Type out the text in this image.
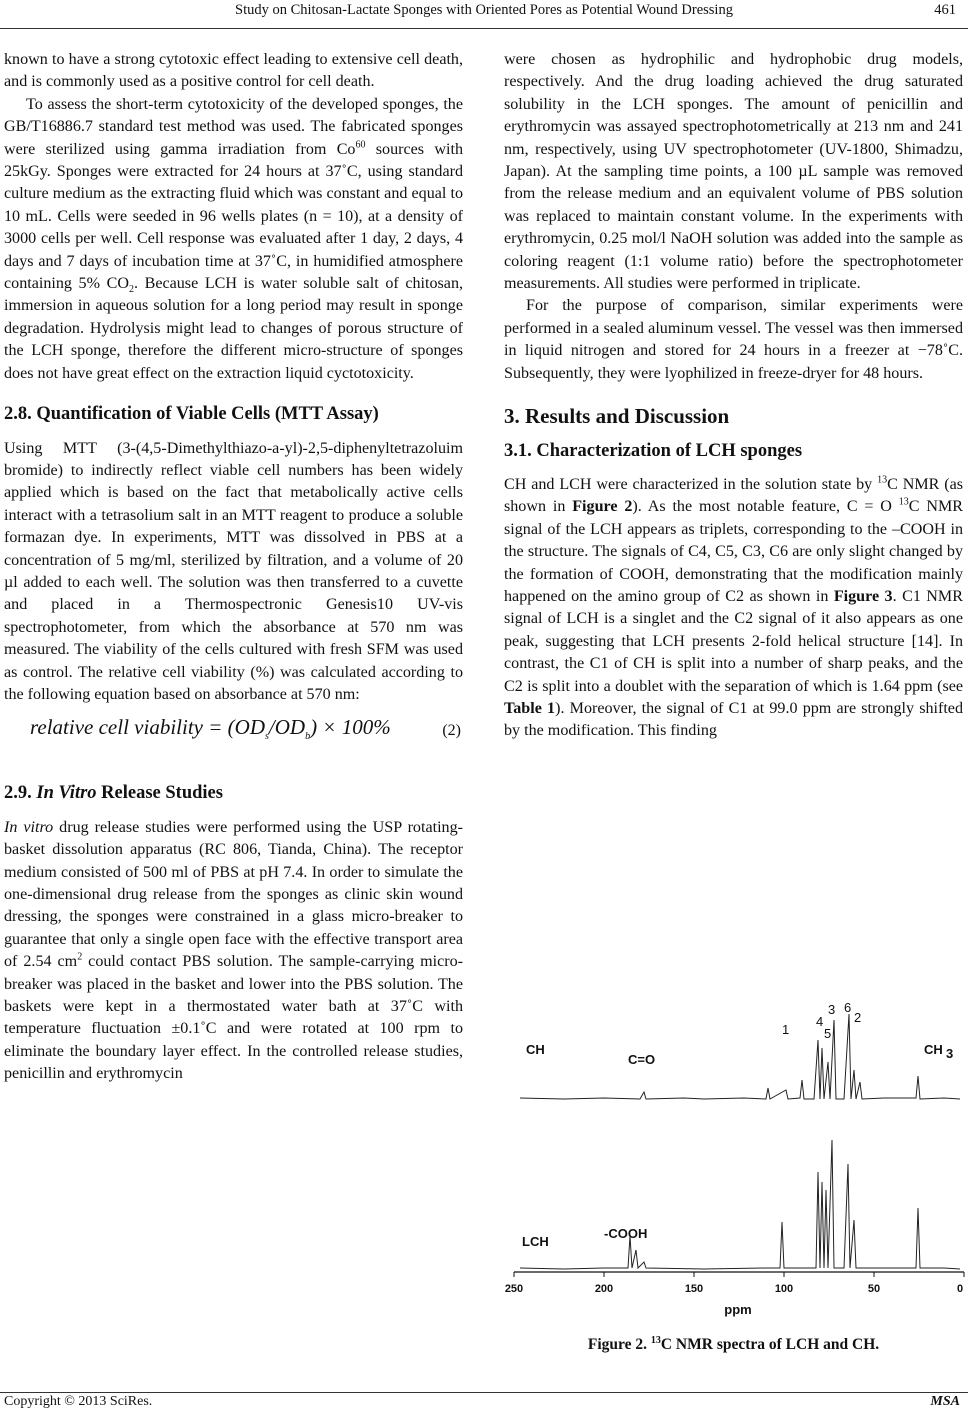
Study on Chitosan-Lactate Sponges with Oriented Pores as Potential Wound Dressing	461

known to have a strong cytotoxic effect leading to extensive cell death, and is commonly used as a positive control for cell death.

To assess the short-term cytotoxicity of the developed sponges, the GB/T16886.7 standard test method was used. The fabricated sponges were sterilized using gamma irradiation from Co$^{60}$ sources with 25kGy. Sponges were extracted for 24 hours at 37˚C, using standard culture medium as the extracting fluid which was constant and equal to 10 mL. Cells were seeded in 96 wells plates (n = 10), at a density of 3000 cells per well. Cell response was evaluated after 1 day, 2 days, 4 days and 7 days of incubation time at 37˚C, in humidified atmosphere containing 5% $CO_2$. Because LCH is water soluble salt of chitosan, immersion in aqueous solution for a long period may result in sponge degradation. Hydrolysis might lead to changes of porous structure of the LCH sponge, therefore the different micro-structure of sponges does not have great effect on the extraction liquid cyctotoxicity.

2.8. Quantification of Viable Cells (MTT Assay)

Using MTT (3-(4,5-Dimethylthiazo-a-yl)-2,5-diphenyltetrazoluim bromide) to indirectly reflect viable cell numbers has been widely applied which is based on the fact that metabolically active cells interact with a tetrasolium salt in an MTT reagent to produce a soluble formazan dye. In experiments, MTT was dissolved in PBS at a concentration of 5 mg/ml, sterilized by filtration, and a volume of 20 µl added to each well. The solution was then transferred to a cuvette and placed in a Thermospectronic Genesis10 UV-vis spectrophotometer, from which the absorbance at 570 nm was measured. The viability of the cells cultured with fresh SFM was used as control. The relative cell viability (%) was calculated according to the following equation based on absorbance at 570 nm:

relative cell viability = $(OD_s/OD_b) \times 100\%$	(2)
2.9. In Vitro Release Studies

In vitro drug release studies were performed using the USP rotating-basket dissolution apparatus (RC 806, Tianda, China). The receptor medium consisted of 500 ml of PBS at pH 7.4. In order to simulate the one-dimensional drug release from the sponges as clinic skin wound dressing, the sponges were constrained in a glass micro-breaker to guarantee that only a single open face with the effective transport area of 2.54 $cm^2$ could contact PBS solution. The sample-carrying micro-breaker was placed in the basket and lower into the PBS solution. The baskets were kept in a thermostated water bath at 37˚C with temperature fluctuation ±0.1˚C and were rotated at 100 rpm to eliminate the boundary layer effect. In the controlled release studies, penicillin and erythromycin

were chosen as hydrophilic and hydrophobic drug models, respectively. And the drug loading achieved the drug saturated solubility in the LCH sponges. The amount of penicillin and erythromycin was assayed spectrophotometrically at 213 nm and 241 nm, respectively, using UV spectrophotometer (UV-1800, Shimadzu, Japan). At the sampling time points, a 100 µL sample was removed from the release medium and an equivalent volume of PBS solution was replaced to maintain constant volume. In the experiments with erythromycin, 0.25 mol/l NaOH solution was added into the sample as coloring reagent (1:1 volume ratio) before the spectrophotometer measurements. All studies were performed in triplicate.

For the purpose of comparison, similar experiments were performed in a sealed aluminum vessel. The vessel was then immersed in liquid nitrogen and stored for 24 hours in a freezer at −78˚C. Subsequently, they were lyophilized in freeze-dryer for 48 hours.

3. Results and Discussion
3.1. Characterization of LCH sponges

CH and LCH were characterized in the solution state by $^{13}$C NMR (as shown in Figure 2). As the most notable feature, C = O $^{13}$C NMR signal of the LCH appears as triplets, corresponding to the –COOH in the structure. The signals of C4, C5, C3, C6 are only slight changed by the formation of COOH, demonstrating that the modification mainly happened on the amino group of C2 as shown in Figure 3. C1 NMR signal of LCH is a singlet and the C2 signal of it also appears as one peak, suggesting that LCH presents 2-fold helical structure [14]. In contrast, the C1 of CH is split into a number of sharp peaks, and the C2 is split into a doublet with the separation of which is 1.64 ppm (see Table 1). Moreover, the signal of C1 at 99.0 ppm are strongly shifted by the modification. This finding

250	200	150	100	50	0
ppm
CH
C=O
CH 3
LCH
-COOH
1
2
3
4
5
6
Figure 2. $^{13}$C NMR spectra of LCH and CH.
Copyright © 2013 SciRes.	MSA
